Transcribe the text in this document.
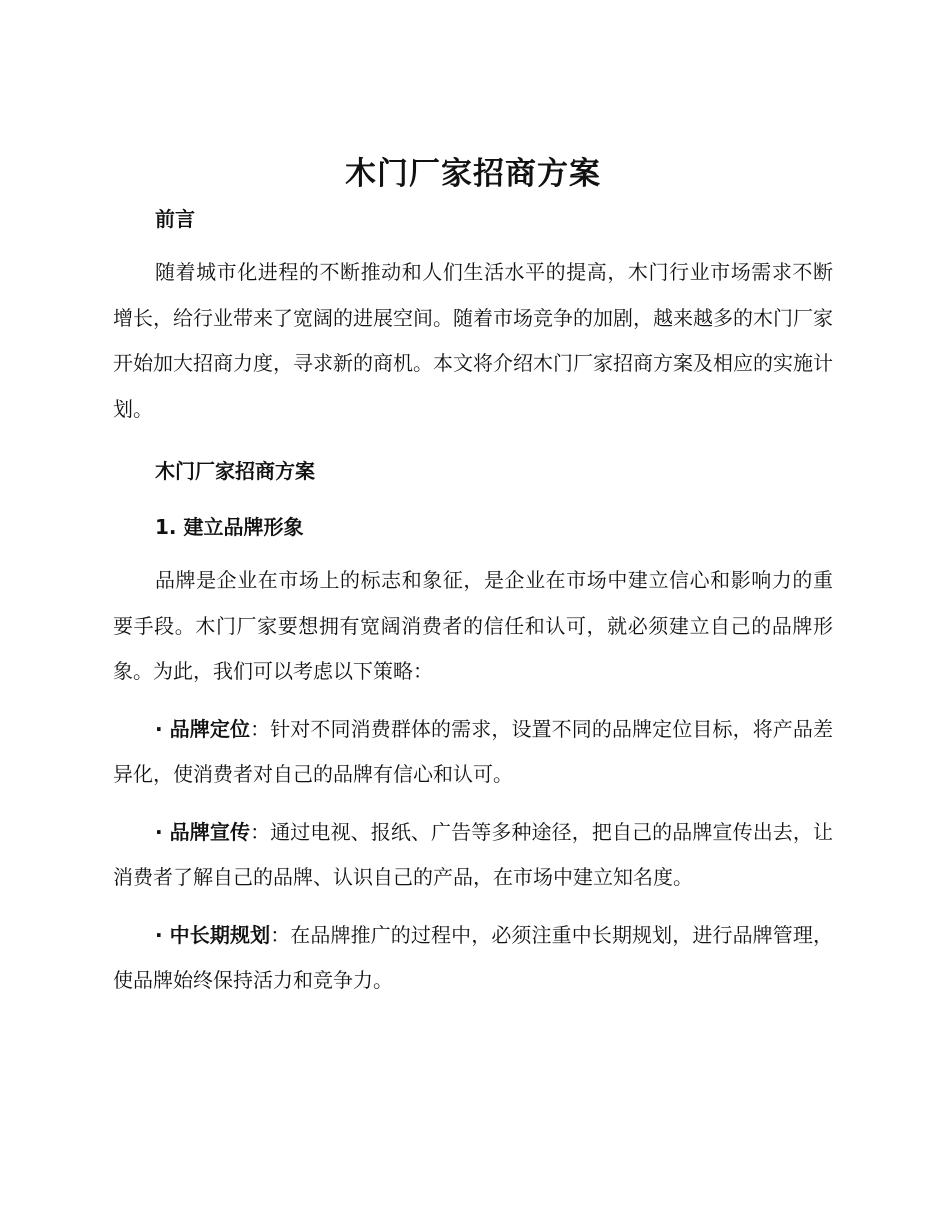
木门厂家招商方案
前言

随着城市化进程的不断推动和人们生活水平的提高，木门行业市场需求不断增长，给行业带来了宽阔的进展空间。随着市场竞争的加剧，越来越多的木门厂家开始加大招商力度，寻求新的商机。本文将介绍木门厂家招商方案及相应的实施计划。

木门厂家招商方案
1. 建立品牌形象

品牌是企业在市场上的标志和象征，是企业在市场中建立信心和影响力的重要手段。木门厂家要想拥有宽阔消费者的信任和认可，就必须建立自己的品牌形象。为此，我们可以考虑以下策略：

· 品牌定位：针对不同消费群体的需求，设置不同的品牌定位目标，将产品差异化，使消费者对自己的品牌有信心和认可。

· 品牌宣传：通过电视、报纸、广告等多种途径，把自己的品牌宣传出去，让消费者了解自己的品牌、认识自己的产品，在市场中建立知名度。

· 中长期规划：在品牌推广的过程中，必须注重中长期规划，进行品牌管理，使品牌始终保持活力和竞争力。
